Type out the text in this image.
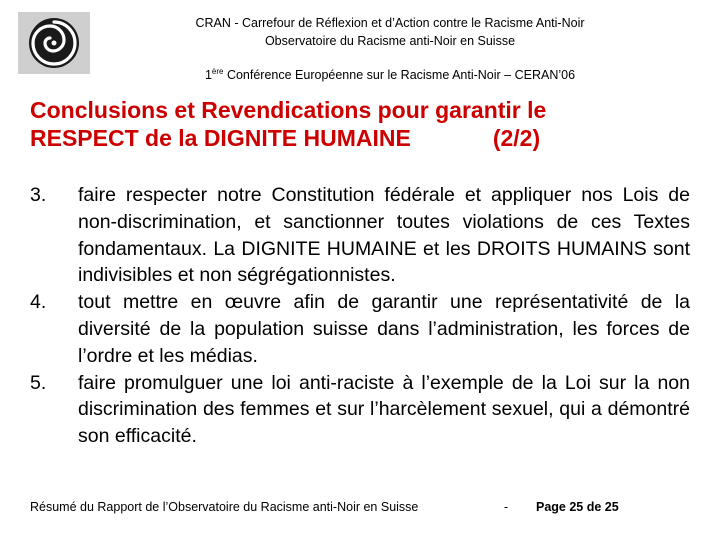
CRAN - Carrefour de Réflexion et d’Action contre le Racisme Anti-Noir
Observatoire du Racisme anti-Noir en Suisse
1ère Conférence Européenne sur le Racisme Anti-Noir – CERAN’06
Conclusions et Revendications pour garantir le
RESPECT de la DIGNITE HUMAINE	(2/2)
3. faire respecter notre Constitution fédérale et appliquer nos Lois de non-discrimination, et sanctionner toutes violations de ces Textes fondamentaux. La DIGNITE HUMAINE et les DROITS HUMAINS sont indivisibles et non ségrégationnistes.
4. tout mettre en œuvre afin de garantir une représentativité de la diversité de la population suisse dans l’administration, les forces de l’ordre et les médias.
5. faire promulguer une loi anti-raciste à l’exemple de la Loi sur la non discrimination des femmes et sur l’harcèlement sexuel, qui a démontré son efficacité.
Résumé du Rapport de l’Observatoire du Racisme anti-Noir en Suisse	- Page 25 de 25
